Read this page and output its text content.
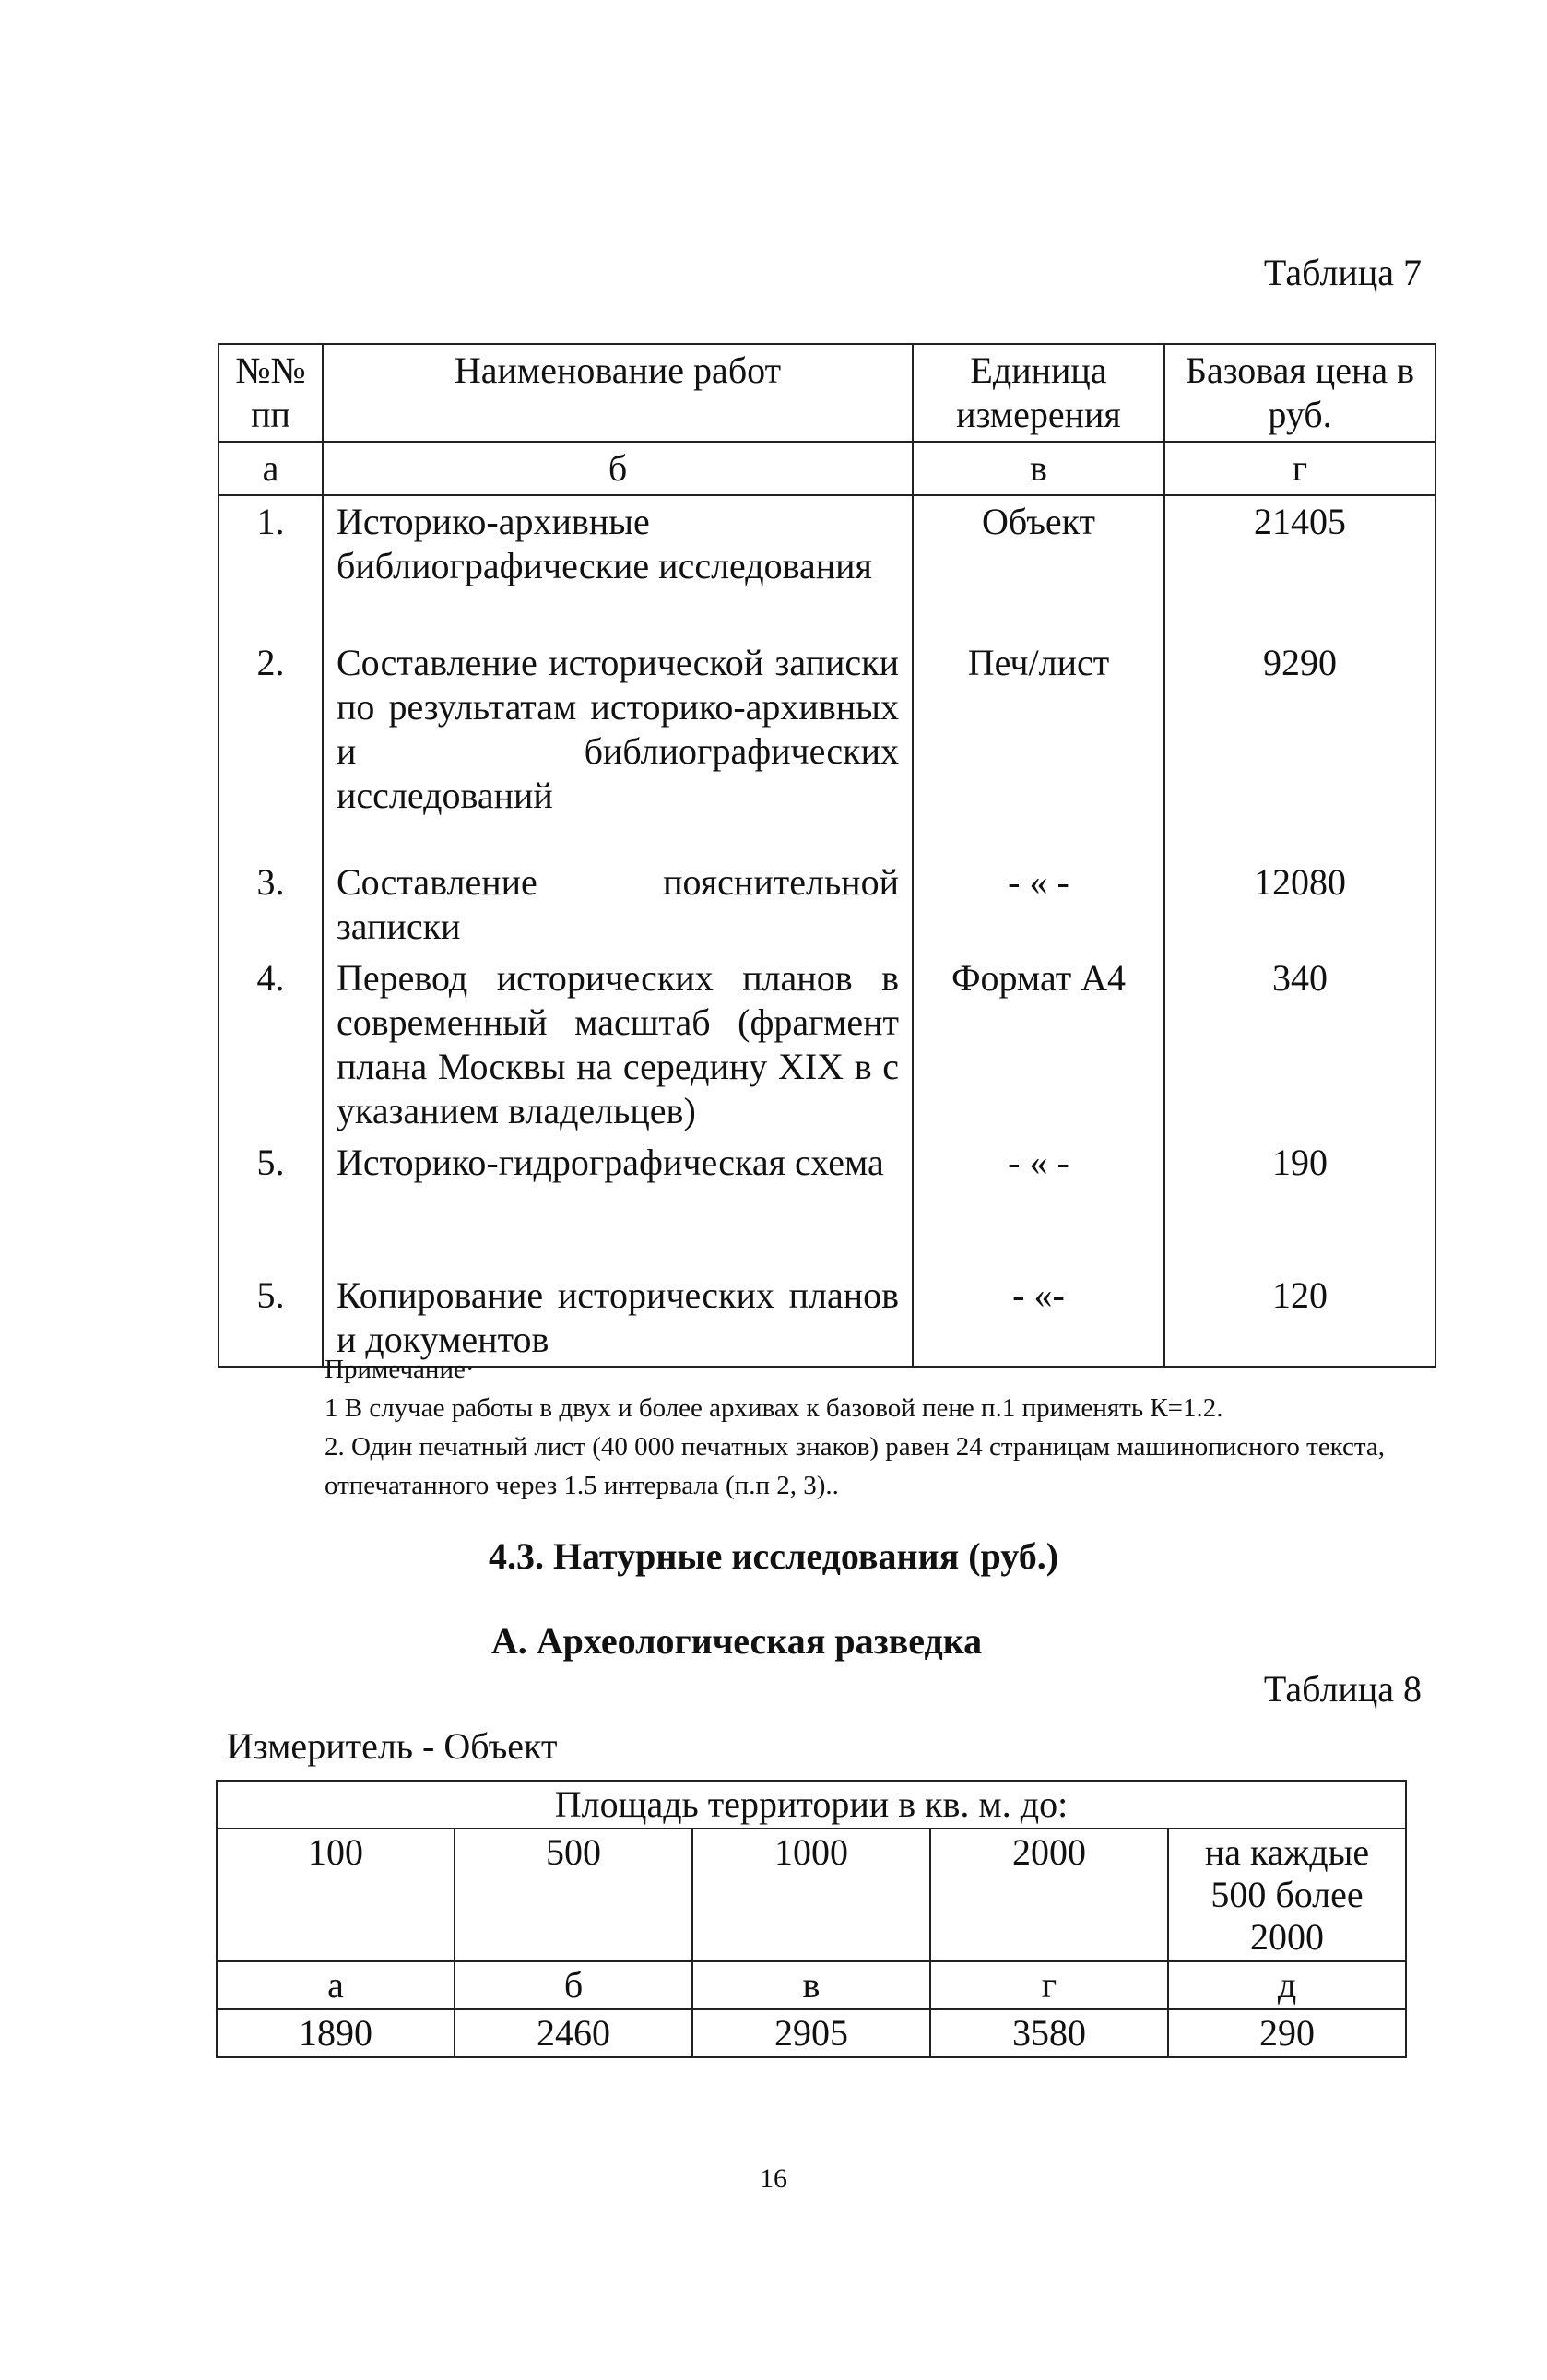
Таблица 7
№№ пп	Наименование работ	Единица измерения	Базовая цена в руб.
а	б	в	г
1.	Историко-архивные библиографические исследования	Объект	21405
2.	Составление исторической записки по результатам историко-архивных и библиографических исследований	Печ/лист	9290
3.	Составление пояснительной записки	- « -	12080
4.	Перевод исторических планов в современный масштаб (фрагмент плана Москвы на середину XIX в с указанием владельцев)	Формат А4	340
5.	Историко-гидрографическая схема	- « -	190
5.	Копирование исторических планов и документов	- «-	120
Примечание·
1 В случае работы в двух и более архивах к базовой пене п.1 применять К=1.2.
2. Один печатный лист (40 000 печатных знаков) равен 24 страницам машинописного текста, отпечатанного через 1.5 интервала (п.п 2, 3)..
4.3. Натурные исследования (руб.)
А. Археологическая разведка
Таблица 8
Измеритель - Объект
Площадь территории в кв. м. до:				
100	500	1000	2000	на каждые 500 более 2000
а	б	в	г	д
1890	2460	2905	3580	290
16
